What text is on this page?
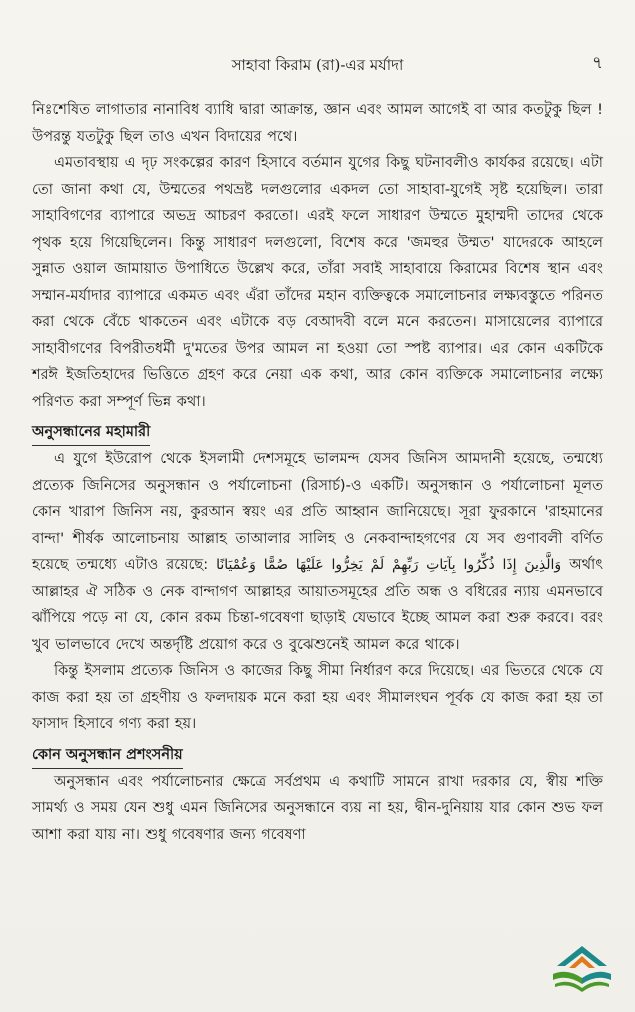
সাহাবা কিরাম (রা)-এর মর্যাদা	৭

নিঃশেষিত লাগাতার নানাবিধ ব্যাধি দ্বারা আক্রান্ত, জ্ঞান এবং আমল আগেই বা আর কতটুকু ছিল ! উপরন্তু যতটুকু ছিল তাও এখন বিদায়ের পথে।

এমতাবস্থায় এ দৃঢ় সংকল্পের কারণ হিসাবে বর্তমান যুগের কিছু ঘটনাবলীও কার্যকর রয়েছে। এটা তো জানা কথা যে, উম্মতের পথভ্রষ্ট দলগুলোর একদল তো সাহাবা-যুগেই সৃষ্ট হয়েছিল। তারা সাহাবিগণের ব্যাপারে অভদ্র আচরণ করতো। এরই ফলে সাধারণ উম্মতে মুহাম্মদী তাদের থেকে পৃথক হয়ে গিয়েছিলেন। কিন্তু সাধারণ দলগুলো, বিশেষ করে 'জমহুর উম্মত' যাদেরকে আহলে সুন্নাত ওয়াল জামায়াত উপাধিতে উল্লেখ করে, তাঁরা সবাই সাহাবায়ে কিরামের বিশেষ স্থান এবং সম্মান-মর্যাদার ব্যাপারে একমত এবং এঁরা তাঁদের মহান ব্যক্তিত্বকে সমালোচনার লক্ষ্যবস্তুতে পরিনত করা থেকে বেঁচে থাকতেন এবং এটাকে বড় বেআদবী বলে মনে করতেন। মাসায়েলের ব্যাপারে সাহাবীগণের বিপরীতধর্মী দু'মতের উপর আমল না হওয়া তো স্পষ্ট ব্যাপার। এর কোন একটিকে শরঈ ইজতিহাদের ভিত্তিতে গ্রহণ করে নেয়া এক কথা, আর কোন ব্যক্তিকে সমালোচনার লক্ষ্যে পরিণত করা সম্পূর্ণ ভিন্ন কথা।

অনুসন্ধানের মহামারী

এ যুগে ইউরোপ থেকে ইসলামী দেশসমূহে ভালমন্দ যেসব জিনিস আমদানী হয়েছে, তন্মধ্যে প্রত্যেক জিনিসের অনুসন্ধান ও পর্যালোচনা (রিসার্চ)-ও একটি। অনুসন্ধান ও পর্যালোচনা মূলত কোন খারাপ জিনিস নয়, কুরআন স্বয়ং এর প্রতি আহ্বান জানিয়েছে। সূরা ফুরকানে 'রাহমানের বান্দা' শীর্ষক আলোচনায় আল্লাহ তাআলার সালিহ ও নেকবান্দাহগণের যে সব গুণাবলী বর্ণিত হয়েছে তন্মধ্যে এটাও রয়েছে: وَالَّذِينَ إِذَا ذُكِّرُوا بِآيَاتِ رَبِّهِمْ لَمْ يَخِرُّوا عَلَيْهَا صُمًّا وَعُمْيَانًا অর্থাৎ আল্লাহর ঐ সঠিক ও নেক বান্দাগণ আল্লাহর আয়াতসমূহের প্রতি অন্ধ ও বধিরের ন্যায় এমনভাবে ঝাঁপিয়ে পড়ে না যে, কোন রকম চিন্তা-গবেষণা ছাড়াই যেভাবে ইচ্ছে আমল করা শুরু করবে। বরং খুব ভালভাবে দেখে অন্তর্দৃষ্টি প্রয়োগ করে ও বুঝেশুনেই আমল করে থাকে।

কিন্তু ইসলাম প্রত্যেক জিনিস ও কাজের কিছু সীমা নির্ধারণ করে দিয়েছে। এর ভিতরে থেকে যে কাজ করা হয় তা গ্রহণীয় ও ফলদায়ক মনে করা হয় এবং সীমালংঘন পূর্বক যে কাজ করা হয় তা ফাসাদ হিসাবে গণ্য করা হয়।

কোন অনুসন্ধান প্রশংসনীয়

অনুসন্ধান এবং পর্যালোচনার ক্ষেত্রে সর্বপ্রথম এ কথাটি সামনে রাখা দরকার যে, স্বীয় শক্তি সামর্থ্য ও সময় যেন শুধু এমন জিনিসের অনুসন্ধানে ব্যয় না হয়, দ্বীন-দুনিয়ায় যার কোন শুভ ফল আশা করা যায় না। শুধু গবেষণার জন্য গবেষণা
